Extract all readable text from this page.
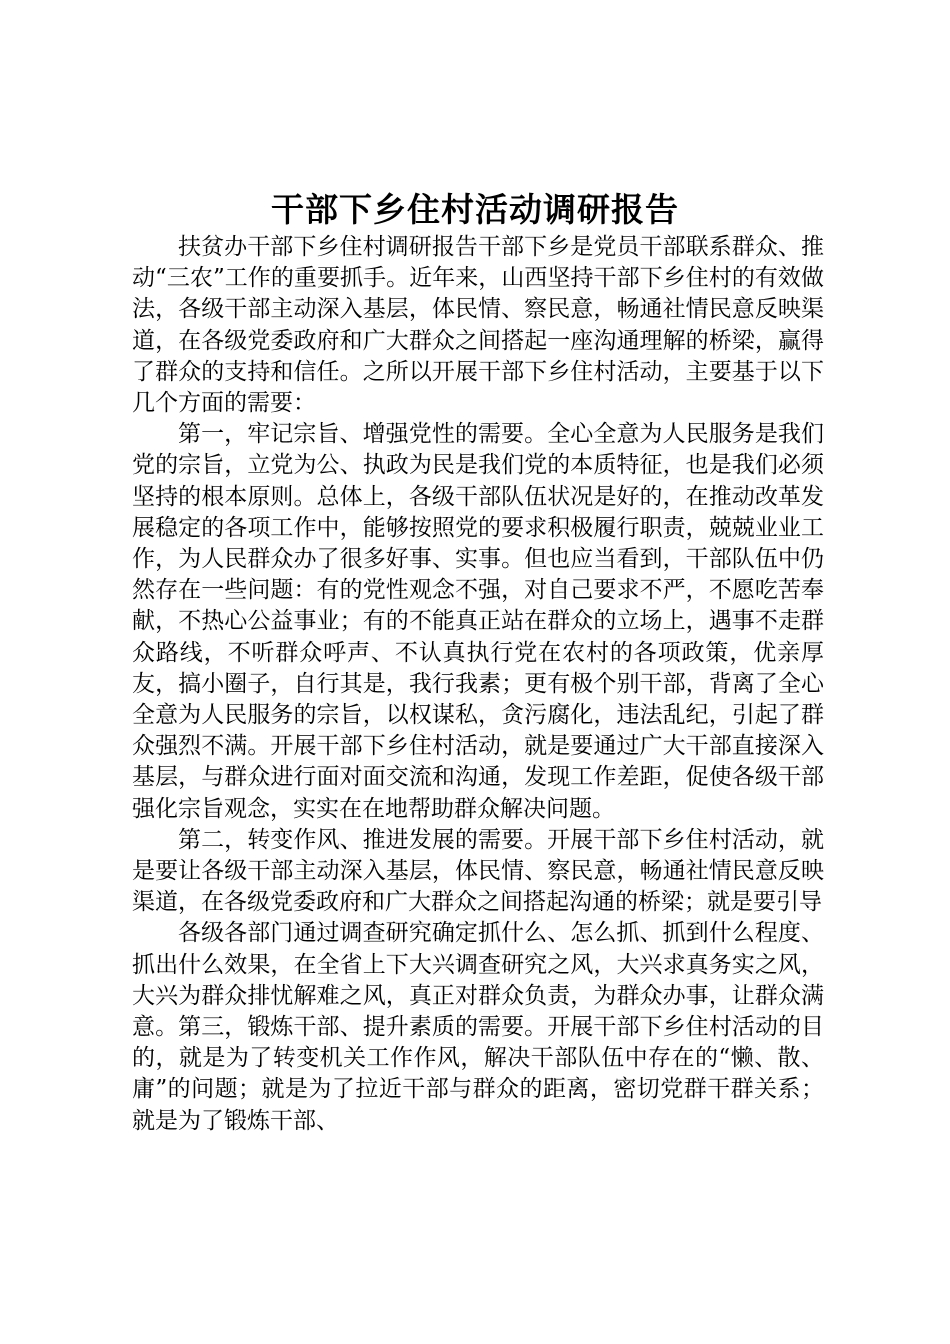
干部下乡住村活动调研报告

扶贫办干部下乡住村调研报告干部下乡是党员干部联系群众、推动“三农”工作的重要抓手。近年来，山西坚持干部下乡住村的有效做法，各级干部主动深入基层，体民情、察民意，畅通社情民意反映渠道，在各级党委政府和广大群众之间搭起一座沟通理解的桥梁，赢得了群众的支持和信任。之所以开展干部下乡住村活动，主要基于以下几个方面的需要：

第一，牢记宗旨、增强党性的需要。全心全意为人民服务是我们党的宗旨，立党为公、执政为民是我们党的本质特征，也是我们必须坚持的根本原则。总体上，各级干部队伍状况是好的，在推动改革发展稳定的各项工作中，能够按照党的要求积极履行职责，兢兢业业工作，为人民群众办了很多好事、实事。但也应当看到，干部队伍中仍然存在一些问题：有的党性观念不强，对自己要求不严，不愿吃苦奉献，不热心公益事业；有的不能真正站在群众的立场上，遇事不走群众路线，不听群众呼声、不认真执行党在农村的各项政策，优亲厚友，搞小圈子，自行其是，我行我素；更有极个别干部，背离了全心全意为人民服务的宗旨，以权谋私，贪污腐化，违法乱纪，引起了群众强烈不满。开展干部下乡住村活动，就是要通过广大干部直接深入基层，与群众进行面对面交流和沟通，发现工作差距，促使各级干部强化宗旨观念，实实在在地帮助群众解决问题。

第二，转变作风、推进发展的需要。开展干部下乡住村活动，就是要让各级干部主动深入基层，体民情、察民意，畅通社情民意反映渠道，在各级党委政府和广大群众之间搭起沟通的桥梁；就是要引导

各级各部门通过调查研究确定抓什么、怎么抓、抓到什么程度、抓出什么效果，在全省上下大兴调查研究之风，大兴求真务实之风，大兴为群众排忧解难之风，真正对群众负责，为群众办事，让群众满意。第三，锻炼干部、提升素质的需要。开展干部下乡住村活动的目的，就是为了转变机关工作作风，解决干部队伍中存在的“懒、散、庸”的问题；就是为了拉近干部与群众的距离，密切党群干群关系；就是为了锻炼干部、
